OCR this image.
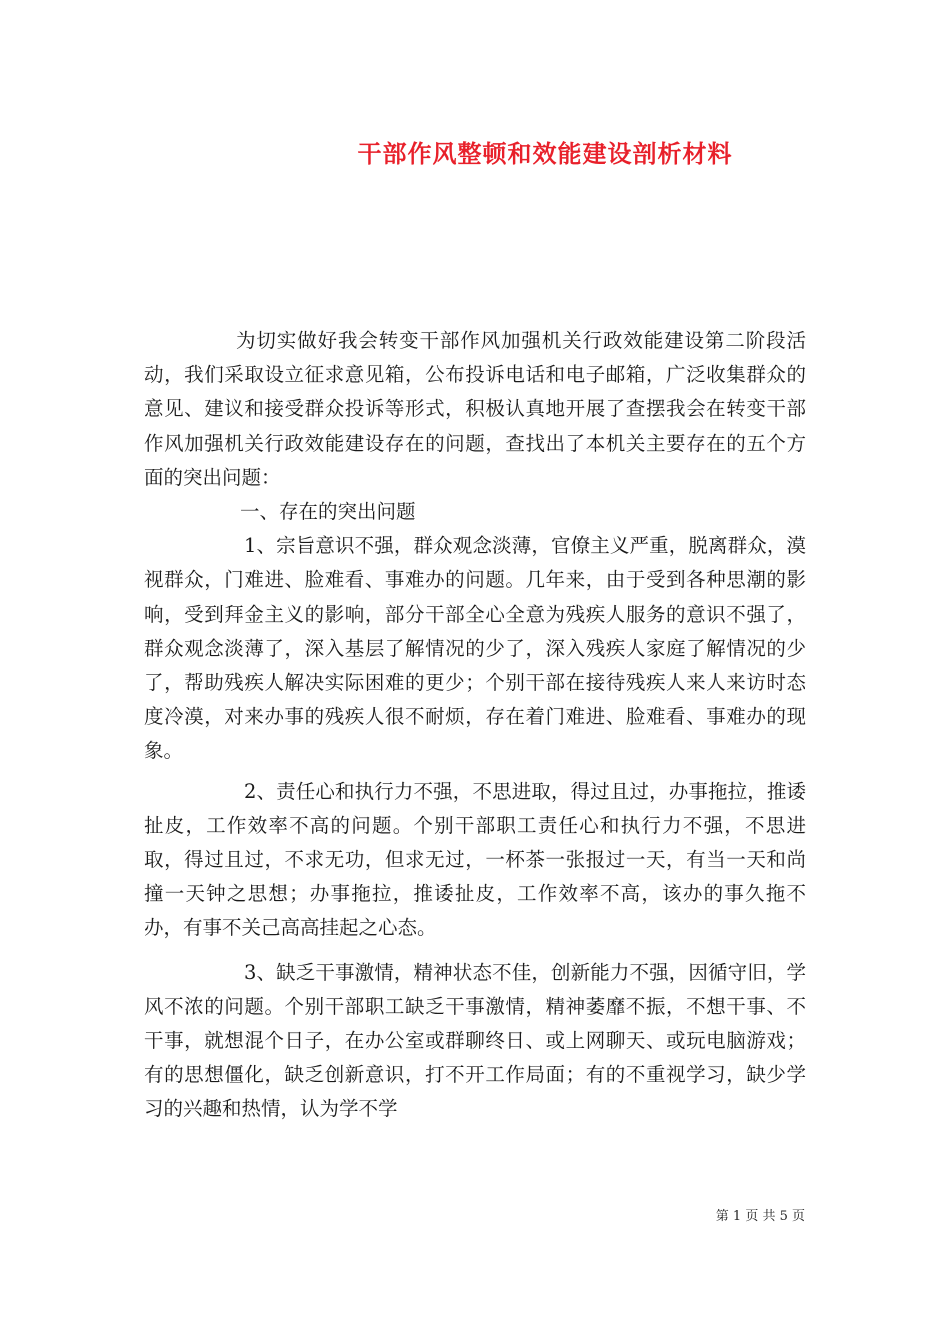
干部作风整顿和效能建设剖析材料

为切实做好我会转变干部作风加强机关行政效能建设第二阶段活动，我们采取设立征求意见箱，公布投诉电话和电子邮箱，广泛收集群众的意见、建议和接受群众投诉等形式，积极认真地开展了查摆我会在转变干部作风加强机关行政效能建设存在的问题，查找出了本机关主要存在的五个方面的突出问题：

一、存在的突出问题

1、宗旨意识不强，群众观念淡薄，官僚主义严重，脱离群众，漠视群众，门难进、脸难看、事难办的问题。几年来，由于受到各种思潮的影响，受到拜金主义的影响，部分干部全心全意为残疾人服务的意识不强了，群众观念淡薄了，深入基层了解情况的少了，深入残疾人家庭了解情况的少了，帮助残疾人解决实际困难的更少；个别干部在接待残疾人来人来访时态度冷漠，对来办事的残疾人很不耐烦，存在着门难进、脸难看、事难办的现象。

2、责任心和执行力不强，不思进取，得过且过，办事拖拉，推诿扯皮，工作效率不高的问题。个别干部职工责任心和执行力不强，不思进取，得过且过，不求无功，但求无过，一杯茶一张报过一天，有当一天和尚撞一天钟之思想；办事拖拉，推诿扯皮，工作效率不高，该办的事久拖不办，有事不关己高高挂起之心态。

3、缺乏干事激情，精神状态不佳，创新能力不强，因循守旧，学风不浓的问题。个别干部职工缺乏干事激情，精神萎靡不振，不想干事、不干事，就想混个日子，在办公室或群聊终日、或上网聊天、或玩电脑游戏；有的思想僵化，缺乏创新意识，打不开工作局面；有的不重视学习，缺少学习的兴趣和热情，认为学不学

第 1 页 共 5 页
